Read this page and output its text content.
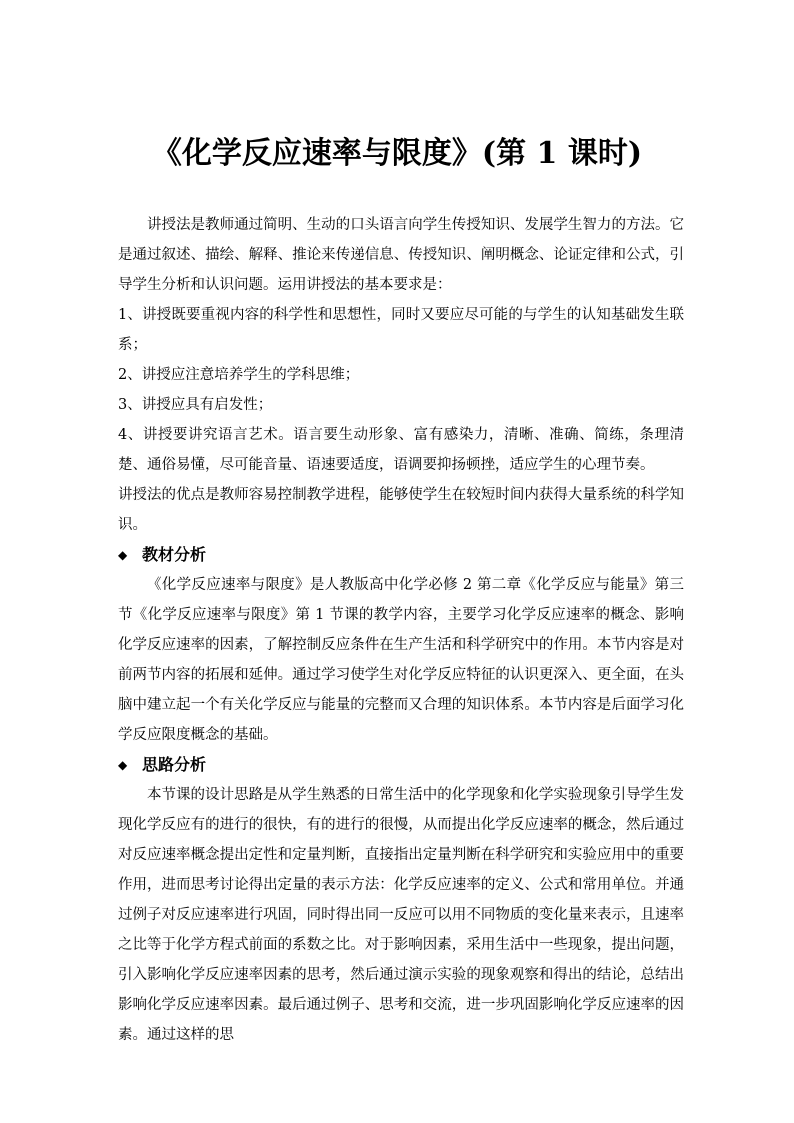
《化学反应速率与限度》(第 1 课时)

讲授法是教师通过简明、生动的口头语言向学生传授知识、发展学生智力的方法。它是通过叙述、描绘、解释、推论来传递信息、传授知识、阐明概念、论证定律和公式，引导学生分析和认识问题。运用讲授法的基本要求是：

1、讲授既要重视内容的科学性和思想性，同时又要应尽可能的与学生的认知基础发生联系；

2、讲授应注意培养学生的学科思维；

3、讲授应具有启发性；

4、讲授要讲究语言艺术。语言要生动形象、富有感染力，清晰、准确、简练，条理清楚、通俗易懂，尽可能音量、语速要适度，语调要抑扬顿挫，适应学生的心理节奏。

讲授法的优点是教师容易控制教学进程，能够使学生在较短时间内获得大量系统的科学知识。

◆ 教材分析

《化学反应速率与限度》是人教版高中化学必修 2 第二章《化学反应与能量》第三节《化学反应速率与限度》第 1 节课的教学内容，主要学习化学反应速率的概念、影响化学反应速率的因素，了解控制反应条件在生产生活和科学研究中的作用。本节内容是对前两节内容的拓展和延伸。通过学习使学生对化学反应特征的认识更深入、更全面，在头脑中建立起一个有关化学反应与能量的完整而又合理的知识体系。本节内容是后面学习化学反应限度概念的基础。

◆ 思路分析

本节课的设计思路是从学生熟悉的日常生活中的化学现象和化学实验现象引导学生发现化学反应有的进行的很快，有的进行的很慢，从而提出化学反应速率的概念，然后通过对反应速率概念提出定性和定量判断，直接指出定量判断在科学研究和实验应用中的重要作用，进而思考讨论得出定量的表示方法：化学反应速率的定义、公式和常用单位。并通过例子对反应速率进行巩固，同时得出同一反应可以用不同物质的变化量来表示，且速率之比等于化学方程式前面的系数之比。对于影响因素，采用生活中一些现象，提出问题，引入影响化学反应速率因素的思考，然后通过演示实验的现象观察和得出的结论，总结出影响化学反应速率因素。最后通过例子、思考和交流，进一步巩固影响化学反应速率的因素。通过这样的思
